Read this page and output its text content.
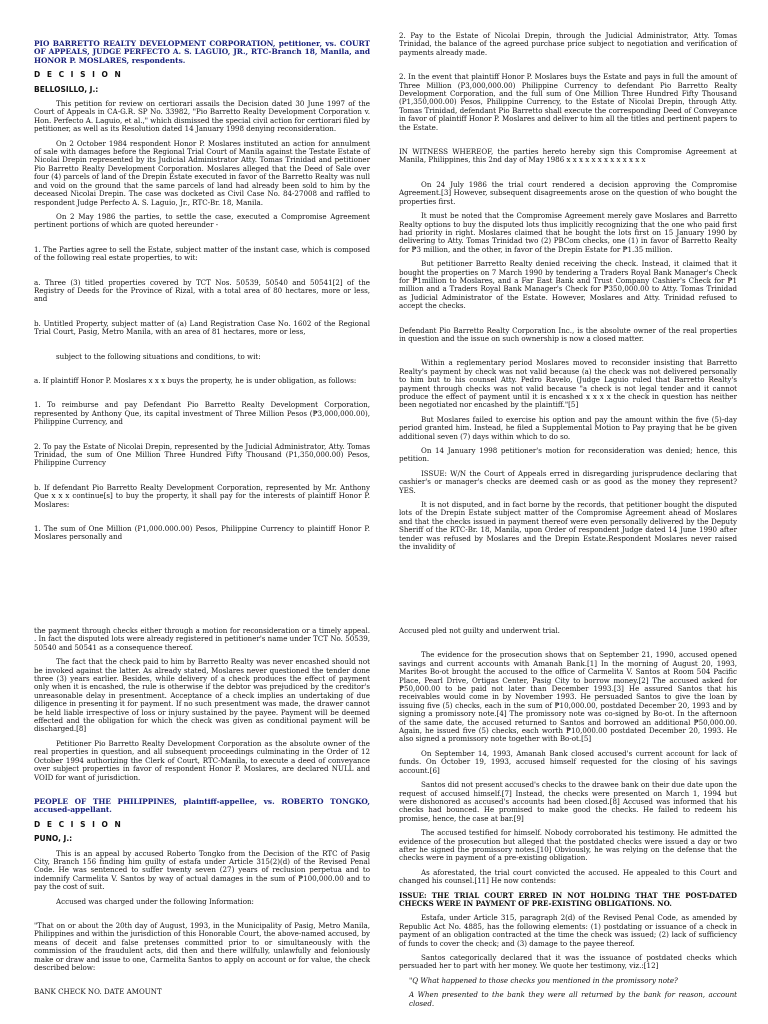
PIO BARRETTO REALTY DEVELOPMENT CORPORATION, petitioner, vs. COURT OF APPEALS, JUDGE PERFECTO A. S. LAGUIO, JR., RTC-Branch 18, Manila, and HONOR P. MOSLARES, respondents.

D E C I S I O N

BELLOSILLO, J.:

This petition for review on certiorari assails the Decision dated 30 June 1997 of the Court of Appeals in CA-G.R. SP No. 33982, "Pio Barretto Realty Development Corporation v. Hon. Perfecto A. Laguio, et al.," which dismissed the special civil action for certiorari filed by petitioner, as well as its Resolution dated 14 January 1998 denying reconsideration.

On 2 October 1984 respondent Honor P. Moslares instituted an action for annulment of sale with damages before the Regional Trial Court of Manila against the Testate Estate of Nicolai Drepin represented by its Judicial Administrator Atty. Tomas Trinidad and petitioner Pio Barretto Realty Development Corporation. Moslares alleged that the Deed of Sale over four (4) parcels of land of the Drepin Estate executed in favor of the Barretto Realty was null and void on the ground that the same parcels of land had already been sold to him by the deceased Nicolai Drepin. The case was docketed as Civil Case No. 84-27008 and raffled to respondent Judge Perfecto A. S. Laguio, Jr., RTC-Br. 18, Manila.

On 2 May 1986 the parties, to settle the case, executed a Compromise Agreement pertinent portions of which are quoted hereunder -

1. The Parties agree to sell the Estate, subject matter of the instant case, which is composed of the following real estate properties, to wit:

a. Three (3) titled properties covered by TCT Nos. 50539, 50540 and 50541[2] of the Registry of Deeds for the Province of Rizal, with a total area of 80 hectares, more or less, and

b. Untitled Property, subject matter of (a) Land Registration Case No. 1602 of the Regional Trial Court, Pasig, Metro Manila, with an area of 81 hectares, more or less,

subject to the following situations and conditions, to wit:

a. If plaintiff Honor P. Moslares x x x buys the property, he is under obligation, as follows:

1. To reimburse and pay Defendant Pio Barretto Realty Development Corporation, represented by Anthony Que, its capital investment of Three Million Pesos (₱3,000,000.00), Philippine Currency, and

2. To pay the Estate of Nicolai Drepin, represented by the Judicial Administrator, Atty. Tomas Trinidad, the sum of One Million Three Hundred Fifty Thousand (P1,350,000.00) Pesos, Philippine Currency

b. If defendant Pio Barretto Realty Development Corporation, represented by Mr. Anthony Que x x x continue[s] to buy the property, it shall pay for the interests of plaintiff Honor P. Moslares:

1. The sum of One Million (P1,000.000.00) Pesos, Philippine Currency to plaintiff Honor P. Moslares personally and

2. Pay to the Estate of Nicolai Drepin, through the Judicial Administrator, Atty. Tomas Trinidad, the balance of the agreed purchase price subject to negotiation and verification of payments already made.

2. In the event that plaintiff Honor P. Moslares buys the Estate and pays in full the amount of Three Million (P3,000,000.00) Philippine Currency to defendant Pio Barretto Realty Development Corporation, and the full sum of One Million Three Hundred Fifty Thousand (P1,350,000.00) Pesos, Philippine Currency, to the Estate of Nicolai Drepin, through Atty. Tomas Trinidad, defendant Pio Barretto shall execute the corresponding Deed of Conveyance in favor of plaintiff Honor P. Moslares and deliver to him all the titles and pertinent papers to the Estate.

IN WITNESS WHEREOF, the parties hereto hereby sign this Compromise Agreement at Manila, Philippines, this 2nd day of May 1986 x x x x x x x x x x x x x

On 24 July 1986 the trial court rendered a decision approving the Compromise Agreement.[3] However, subsequent disagreements arose on the question of who bought the properties first.

It must be noted that the Compromise Agreement merely gave Moslares and Barretto Realty options to buy the disputed lots thus implicitly recognizing that the one who paid first had priority in right. Moslares claimed that he bought the lots first on 15 January 1990 by delivering to Atty. Tomas Trinidad two (2) PBCom checks, one (1) in favor of Barretto Realty for ₱3 million, and the other, in favor of the Drepin Estate for ₱1.35 million.

But petitioner Barretto Realty denied receiving the check. Instead, it claimed that it bought the properties on 7 March 1990 by tendering a Traders Royal Bank Manager's Check for ₱1million to Moslares, and a Far East Bank and Trust Company Cashier's Check for ₱1 million and a Traders Royal Bank Manager's Check for ₱350,000.00 to Atty. Tomas Trinidad as Judicial Administrator of the Estate. However, Moslares and Atty. Trinidad refused to accept the checks.

Defendant Pio Barretto Realty Corporation Inc., is the absolute owner of the real properties in question and the issue on such ownership is now a closed matter.

Within a reglementary period Moslares moved to reconsider insisting that Barretto Realty's payment by check was not valid because (a) the check was not delivered personally to him but to his counsel Atty. Pedro Ravelo, (Judge Laguio ruled that Barretto Realty's payment through checks was not valid because "a check is not legal tender and it cannot produce the effect of payment until it is encashed x x x x the check in question has neither been negotiated nor encashed by the plaintiff."[5]

But Moslares failed to exercise his option and pay the amount within the five (5)-day period granted him. Instead, he filed a Supplemental Motion to Pay praying that he be given additional seven (7) days within which to do so.

On 14 January 1998 petitioner's motion for reconsideration was denied; hence, this petition.

ISSUE: W/N the Court of Appeals erred in disregarding jurisprudence declaring that cashier's or manager's checks are deemed cash or as good as the money they represent? YES.

It is not disputed, and in fact borne by the records, that petitioner bought the disputed lots of the Drepin Estate subject matter of the Compromise Agreement ahead of Moslares and that the checks issued in payment thereof were even personally delivered by the Deputy Sheriff of the RTC-Br. 18, Manila, upon Order of respondent Judge dated 14 June 1990 after tender was refused by Moslares and the Drepin Estate.Respondent Moslares never raised the invalidity of

the payment through checks either through a motion for reconsideration or a timely appeal. . In fact the disputed lots were already registered in petitioner's name under TCT No. 50539, 50540 and 50541 as a consequence thereof.

The fact that the check paid to him by Barretto Realty was never encashed should not be invoked against the latter. As already stated, Moslares never questioned the tender done three (3) years earlier. Besides, while delivery of a check produces the effect of payment only when it is encashed, the rule is otherwise if the debtor was prejudiced by the creditor's unreasonable delay in presentment. Acceptance of a check implies an undertaking of due diligence in presenting it for payment. If no such presentment was made, the drawer cannot be held liable irrespective of loss or injury sustained by the payee. Payment will be deemed effected and the obligation for which the check was given as conditional payment will be discharged.[8]

Petitioner Pio Barretto Realty Development Corporation as the absolute owner of the real properties in question, and all subsequent proceedings culminating in the Order of 12 October 1994 authorizing the Clerk of Court, RTC-Manila, to execute a deed of conveyance over subject properties in favor of respondent Honor P. Moslares, are declared NULL and VOID for want of jurisdiction.

PEOPLE OF THE PHILIPPINES, plaintiff-appellee, vs. ROBERTO TONGKO, accused-appellant.

D E C I S I O N

PUNO, J.:

This is an appeal by accused Roberto Tongko from the Decision of the RTC of Pasig City, Branch 156 finding him guilty of estafa under Article 315(2)(d) of the Revised Penal Code. He was sentenced to suffer twenty seven (27) years of reclusion perpetua and to indemnify Carmelita V. Santos by way of actual damages in the sum of ₱100,000.00 and to pay the cost of suit.

Accused was charged under the following Information:

"That on or about the 20th day of August, 1993, in the Municipality of Pasig, Metro Manila, Philippines and within the jurisdiction of this Honorable Court, the above-named accused, by means of deceit and false pretenses committed prior to or simultaneously with the commission of the fraudulent acts, did then and there willfully, unlawfully and feloniously make or draw and issue to one, Carmelita Santos to apply on account or for value, the check described below:

BANK CHECK NO. DATE AMOUNT

Accused pled not guilty and underwent trial.

The evidence for the prosecution shows that on September 21, 1990, accused opened savings and current accounts with Amanah Bank.[1] In the morning of August 20, 1993, Marites Bo-ot brought the accused to the office of Carmelita V. Santos at Room 504 Pacific Place, Pearl Drive, Ortigas Center, Pasig City to borrow money.[2] The accused asked for ₱50,000.00 to be paid not later than December 1993.[3] He assured Santos that his receivables would come in by November 1993. He persuaded Santos to give the loan by issuing five (5) checks, each in the sum of ₱10,000.00, postdated December 20, 1993 and by signing a promissory note.[4] The promissory note was co-signed by Bo-ot. In the afternoon of the same date, the accused returned to Santos and borrowed an additional ₱50,000.00. Again, he issued five (5) checks, each worth ₱10,000.00 postdated December 20, 1993. He also signed a promissory note together with Bo-ot.[5]

On September 14, 1993, Amanah Bank closed accused's current account for lack of funds. On October 19, 1993, accused himself requested for the closing of his savings account.[6]

Santos did not present accused's checks to the drawee bank on their due date upon the request of accused himself.[7] Instead, the checks were presented on March 1, 1994 but were dishonored as accused's accounts had been closed.[8] Accused was informed that his checks had bounced. He promised to make good the checks. He failed to redeem his promise, hence, the case at bar.[9]

The accused testified for himself. Nobody corroborated his testimony. He admitted the evidence of the prosecution but alleged that the postdated checks were issued a day or two after he signed the promissory notes.[10] Obviously, he was relying on the defense that the checks were in payment of a pre-existing obligation.

As aforestated, the trial court convicted the accused. He appealed to this Court and changed his counsel.[11] He now contends:

ISSUE: THE TRIAL COURT ERRED IN NOT HOLDING THAT THE POST-DATED CHECKS WERE IN PAYMENT OF PRE-EXISTING OBLIGATIONS. NO.

Estafa, under Article 315, paragraph 2(d) of the Revised Penal Code, as amended by Republic Act No. 4885, has the following elements: (1) postdating or issuance of a check in payment of an obligation contracted at the time the check was issued; (2) lack of sufficiency of funds to cover the check; and (3) damage to the payee thereof.

Santos categorically declared that it was the issuance of postdated checks which persuaded her to part with her money. We quote her testimony, viz.:[12]

"Q What happened to those checks you mentioned in the promissory note?

A When presented to the bank they were all returned by the bank for reason, account closed.
